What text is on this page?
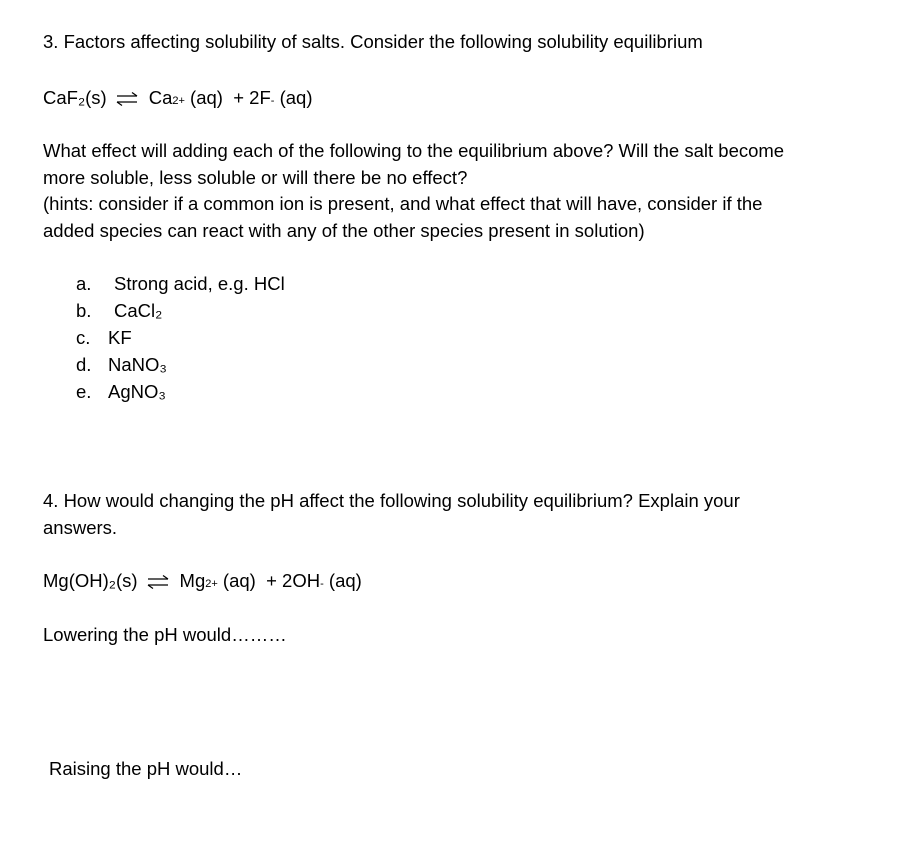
3. Factors affecting solubility of salts. Consider the following solubility equilibrium
CaF₂(s) ⇌ Ca 2+
(aq)
+ 2F -
(aq)
What effect will adding each of the following to the equilibrium above? Will the salt become
more soluble, less soluble or will there be no effect?
(hints: consider if a common ion is present, and what effect that will have, consider if the
added species can react with any of the other species present in solution)
a.	Strong acid, e.g. HCl
b.	CaCl₂
c. KF
d. NaNO₃
e. AgNO₃
4. How would changing the pH affect the following solubility equilibrium? Explain your
answers.
Mg(OH)₂(s) ⇌ Mg 2+
(aq)
+ 2OH -
(aq)
Lowering the pH would………
Raising the pH would…
